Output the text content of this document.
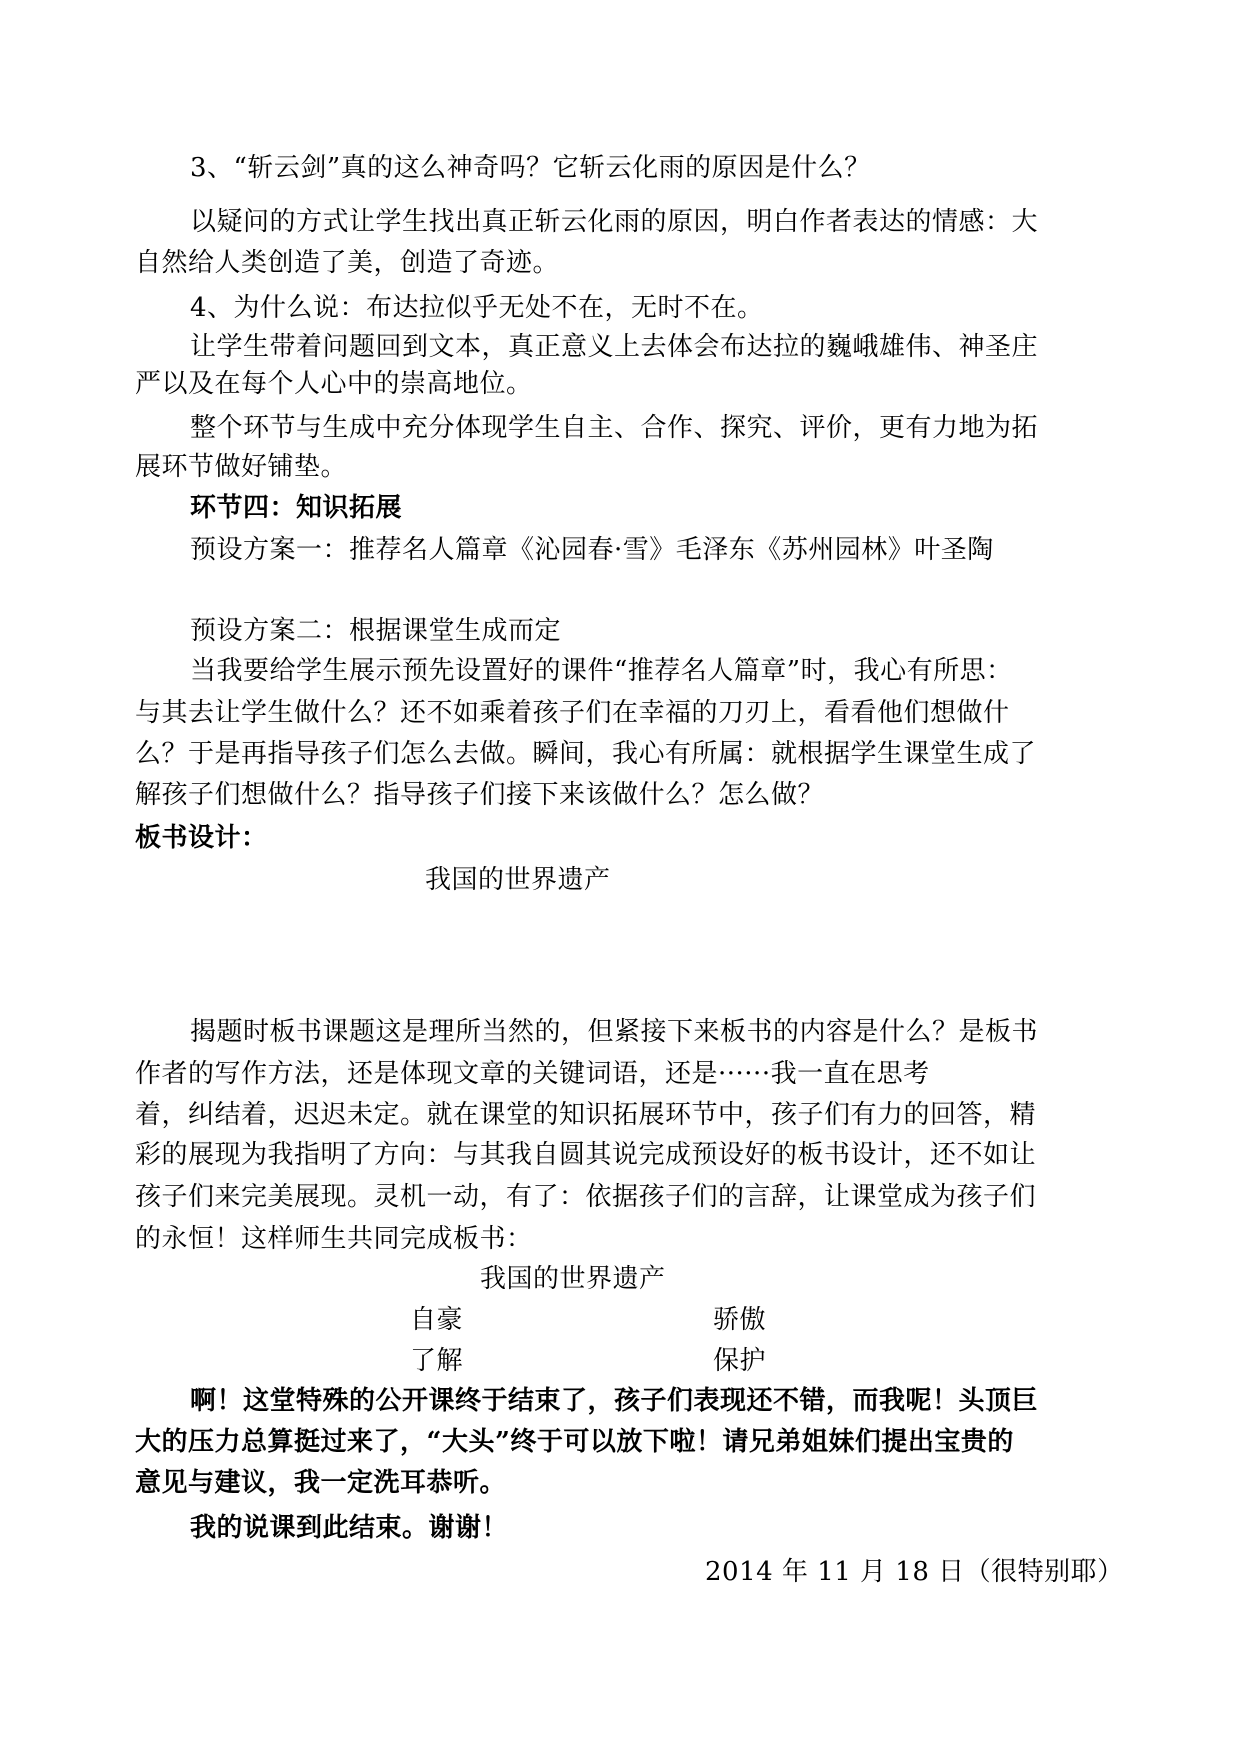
3、“斩云剑”真的这么神奇吗？它斩云化雨的原因是什么？
以疑问的方式让学生找出真正斩云化雨的原因，明白作者表达的情感：大
自然给人类创造了美，创造了奇迹。
4、为什么说：布达拉似乎无处不在，无时不在。
让学生带着问题回到文本，真正意义上去体会布达拉的巍峨雄伟、神圣庄
严以及在每个人心中的崇高地位。
整个环节与生成中充分体现学生自主、合作、探究、评价，更有力地为拓
展环节做好铺垫。
环节四：知识拓展
预设方案一：推荐名人篇章《沁园春·雪》毛泽东《苏州园林》叶圣陶
预设方案二：根据课堂生成而定
当我要给学生展示预先设置好的课件“推荐名人篇章”时，我心有所思：
与其去让学生做什么？还不如乘着孩子们在幸福的刀刃上，看看他们想做什
么？于是再指导孩子们怎么去做。瞬间，我心有所属：就根据学生课堂生成了
解孩子们想做什么？指导孩子们接下来该做什么？怎么做？
板书设计：
我国的世界遗产
揭题时板书课题这是理所当然的，但紧接下来板书的内容是什么？是板书
作者的写作方法，还是体现文章的关键词语，还是······我一直在思考
着，纠结着，迟迟未定。就在课堂的知识拓展环节中，孩子们有力的回答，精
彩的展现为我指明了方向：与其我自圆其说完成预设好的板书设计，还不如让
孩子们来完美展现。灵机一动，有了：依据孩子们的言辞，让课堂成为孩子们
的永恒！这样师生共同完成板书：
我国的世界遗产
自豪	骄傲
了解	保护
啊！这堂特殊的公开课终于结束了，孩子们表现还不错，而我呢！头顶巨
大的压力总算挺过来了，“大头”终于可以放下啦！请兄弟姐妹们提出宝贵的
意见与建议，我一定洗耳恭听。
我的说课到此结束。谢谢！
2014 年 11 月 18 日（很特别耶）
